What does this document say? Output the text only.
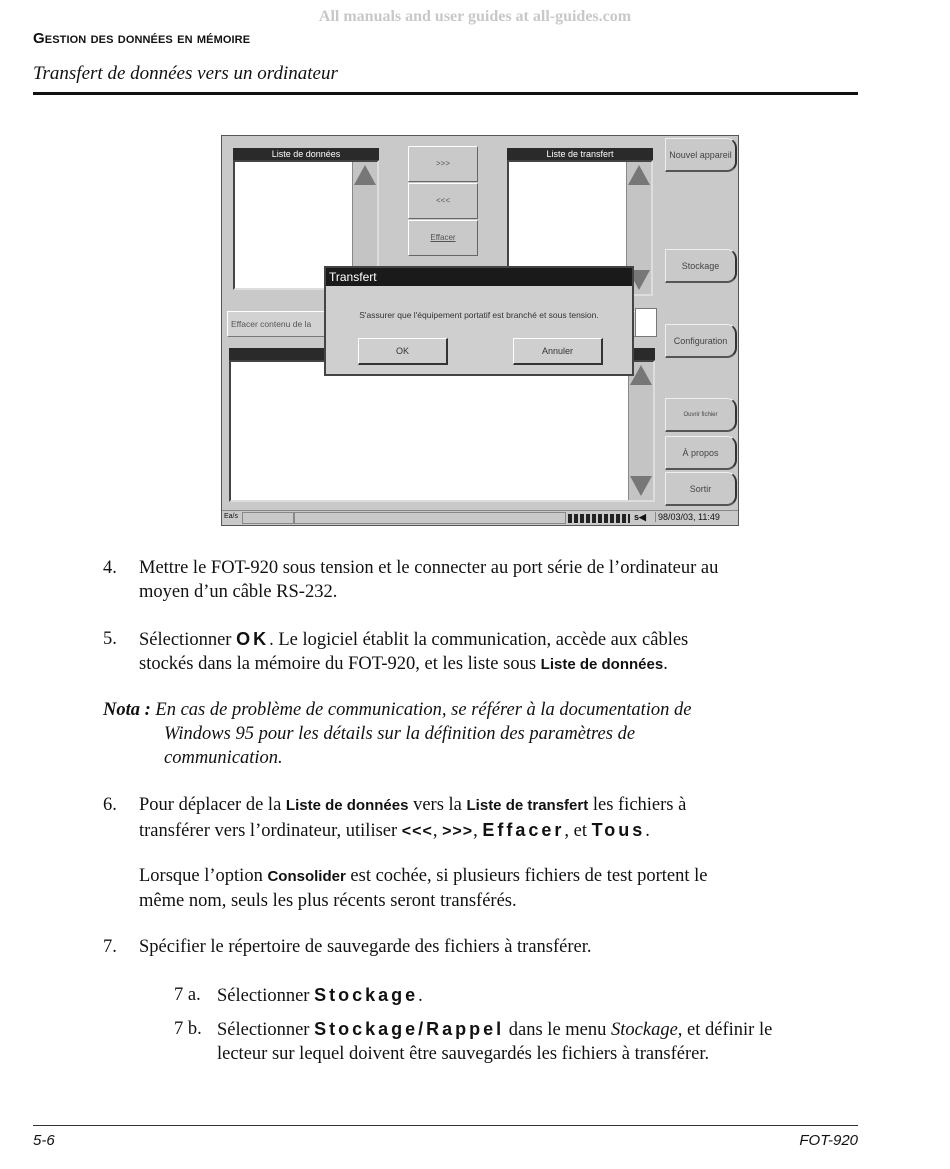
All manuals and user guides at all-guides.com
Gestion des données en mémoire
Transfert de données vers un ordinateur
Liste de données
>>>
<<<
Effacer
Liste de transfert
Effacer contenu de la
Nouvel appareil
Stockage
Configuration
Ouvrir fichier
À propos
Sortir
Ea/s	s◀	98/03/03, 11:49
Transfert
S'assurer que l'équipement portatif est branché et sous tension.
OK	Annuler
4. Mettre le FOT-920 sous tension et le connecter au port série de l’ordinateur au
moyen d’un câble RS-232.
5. Sélectionner OK. Le logiciel établit la communication, accède aux câbles
stockés dans la mémoire du FOT-920, et les liste sous Liste de données.
Nota : En cas de problème de communication, se référer à la documentation de
Windows 95 pour les détails sur la définition des paramètres de
communication.
6. Pour déplacer de la Liste de données vers la Liste de transfert les fichiers à
transférer vers l’ordinateur, utiliser <<<, >>>, Effacer, et Tous.
Lorsque l’option Consolider est cochée, si plusieurs fichiers de test portent le
même nom, seuls les plus récents seront transférés.
7. Spécifier le répertoire de sauvegarde des fichiers à transférer.
7 a. Sélectionner Stockage.
7 b. Sélectionner Stockage/Rappel dans le menu Stockage, et définir le
lecteur sur lequel doivent être sauvegardés les fichiers à transférer.
5-6	FOT-920
